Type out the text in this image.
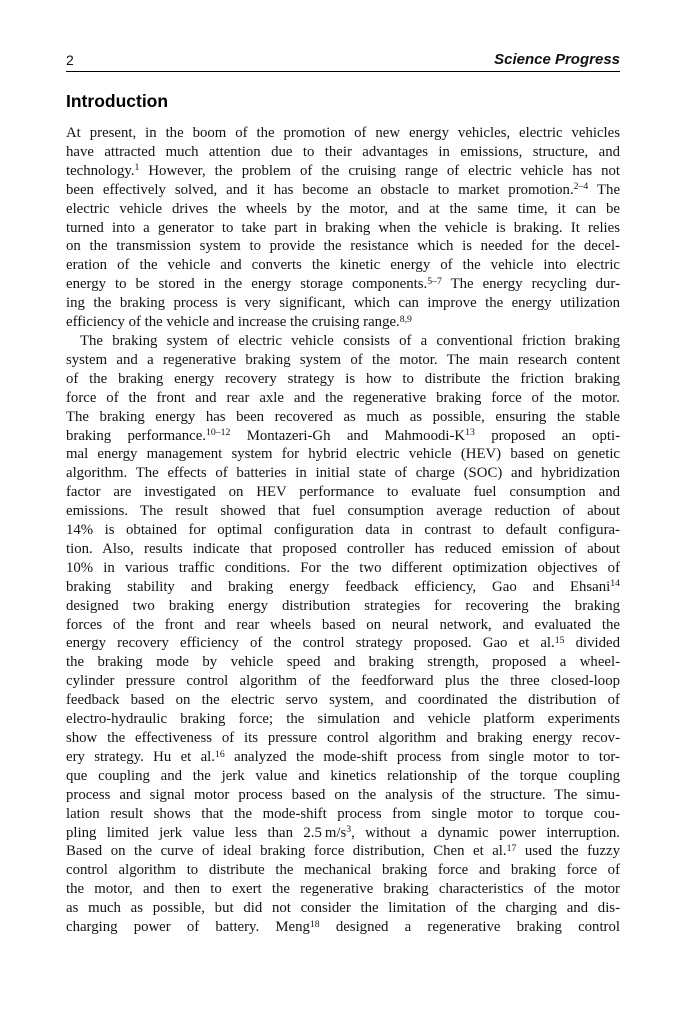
2	Science Progress
Introduction
At present, in the boom of the promotion of new energy vehicles, electric vehicles
have attracted much attention due to their advantages in emissions, structure, and
technology.$^1$ However, the problem of the cruising range of electric vehicle has not
been effectively solved, and it has become an obstacle to market promotion.$^{2-4}$ The
electric vehicle drives the wheels by the motor, and at the same time, it can be
turned into a generator to take part in braking when the vehicle is braking. It relies
on the transmission system to provide the resistance which is needed for the decel-
eration of the vehicle and converts the kinetic energy of the vehicle into electric
energy to be stored in the energy storage components.$^{5-7}$ The energy recycling dur-
ing the braking process is very significant, which can improve the energy utilization
efficiency of the vehicle and increase the cruising range.$^{8,9}$
The braking system of electric vehicle consists of a conventional friction braking
system and a regenerative braking system of the motor. The main research content
of the braking energy recovery strategy is how to distribute the friction braking
force of the front and rear axle and the regenerative braking force of the motor.
The braking energy has been recovered as much as possible, ensuring the stable
braking performance.$^{10-12}$ Montazeri-Gh and Mahmoodi-$K^{13}$ proposed an opti-
mal energy management system for hybrid electric vehicle (HEV) based on genetic
algorithm. The effects of batteries in initial state of charge (SOC) and hybridization
factor are investigated on HEV performance to evaluate fuel consumption and
emissions. The result showed that fuel consumption average reduction of about
14% is obtained for optimal configuration data in contrast to default configura-
tion. Also, results indicate that proposed controller has reduced emission of about
10% in various traffic conditions. For the two different optimization objectives of
braking stability and braking energy feedback efficiency, Gao and Ehsani$^{14}$
designed two braking energy distribution strategies for recovering the braking
forces of the front and rear wheels based on neural network, and evaluated the
energy recovery efficiency of the control strategy proposed. Gao et al.$^{15}$ divided
the braking mode by vehicle speed and braking strength, proposed a wheel-
cylinder pressure control algorithm of the feedforward plus the three closed-loop
feedback based on the electric servo system, and coordinated the distribution of
electro-hydraulic braking force; the simulation and vehicle platform experiments
show the effectiveness of its pressure control algorithm and braking energy recov-
ery strategy. Hu et al.$^{16}$ analyzed the mode-shift process from single motor to tor-
que coupling and the jerk value and kinetics relationship of the torque coupling
process and signal motor process based on the analysis of the structure. The simu-
lation result shows that the mode-shift process from single motor to torque cou-
pling limited jerk value less than 2.5 $m/s^3$, without a dynamic power interruption.
Based on the curve of ideal braking force distribution, Chen et al.$^{17}$ used the fuzzy
control algorithm to distribute the mechanical braking force and braking force of
the motor, and then to exert the regenerative braking characteristics of the motor
as much as possible, but did not consider the limitation of the charging and dis-
charging power of battery. Meng$^{18}$ designed a regenerative braking control
